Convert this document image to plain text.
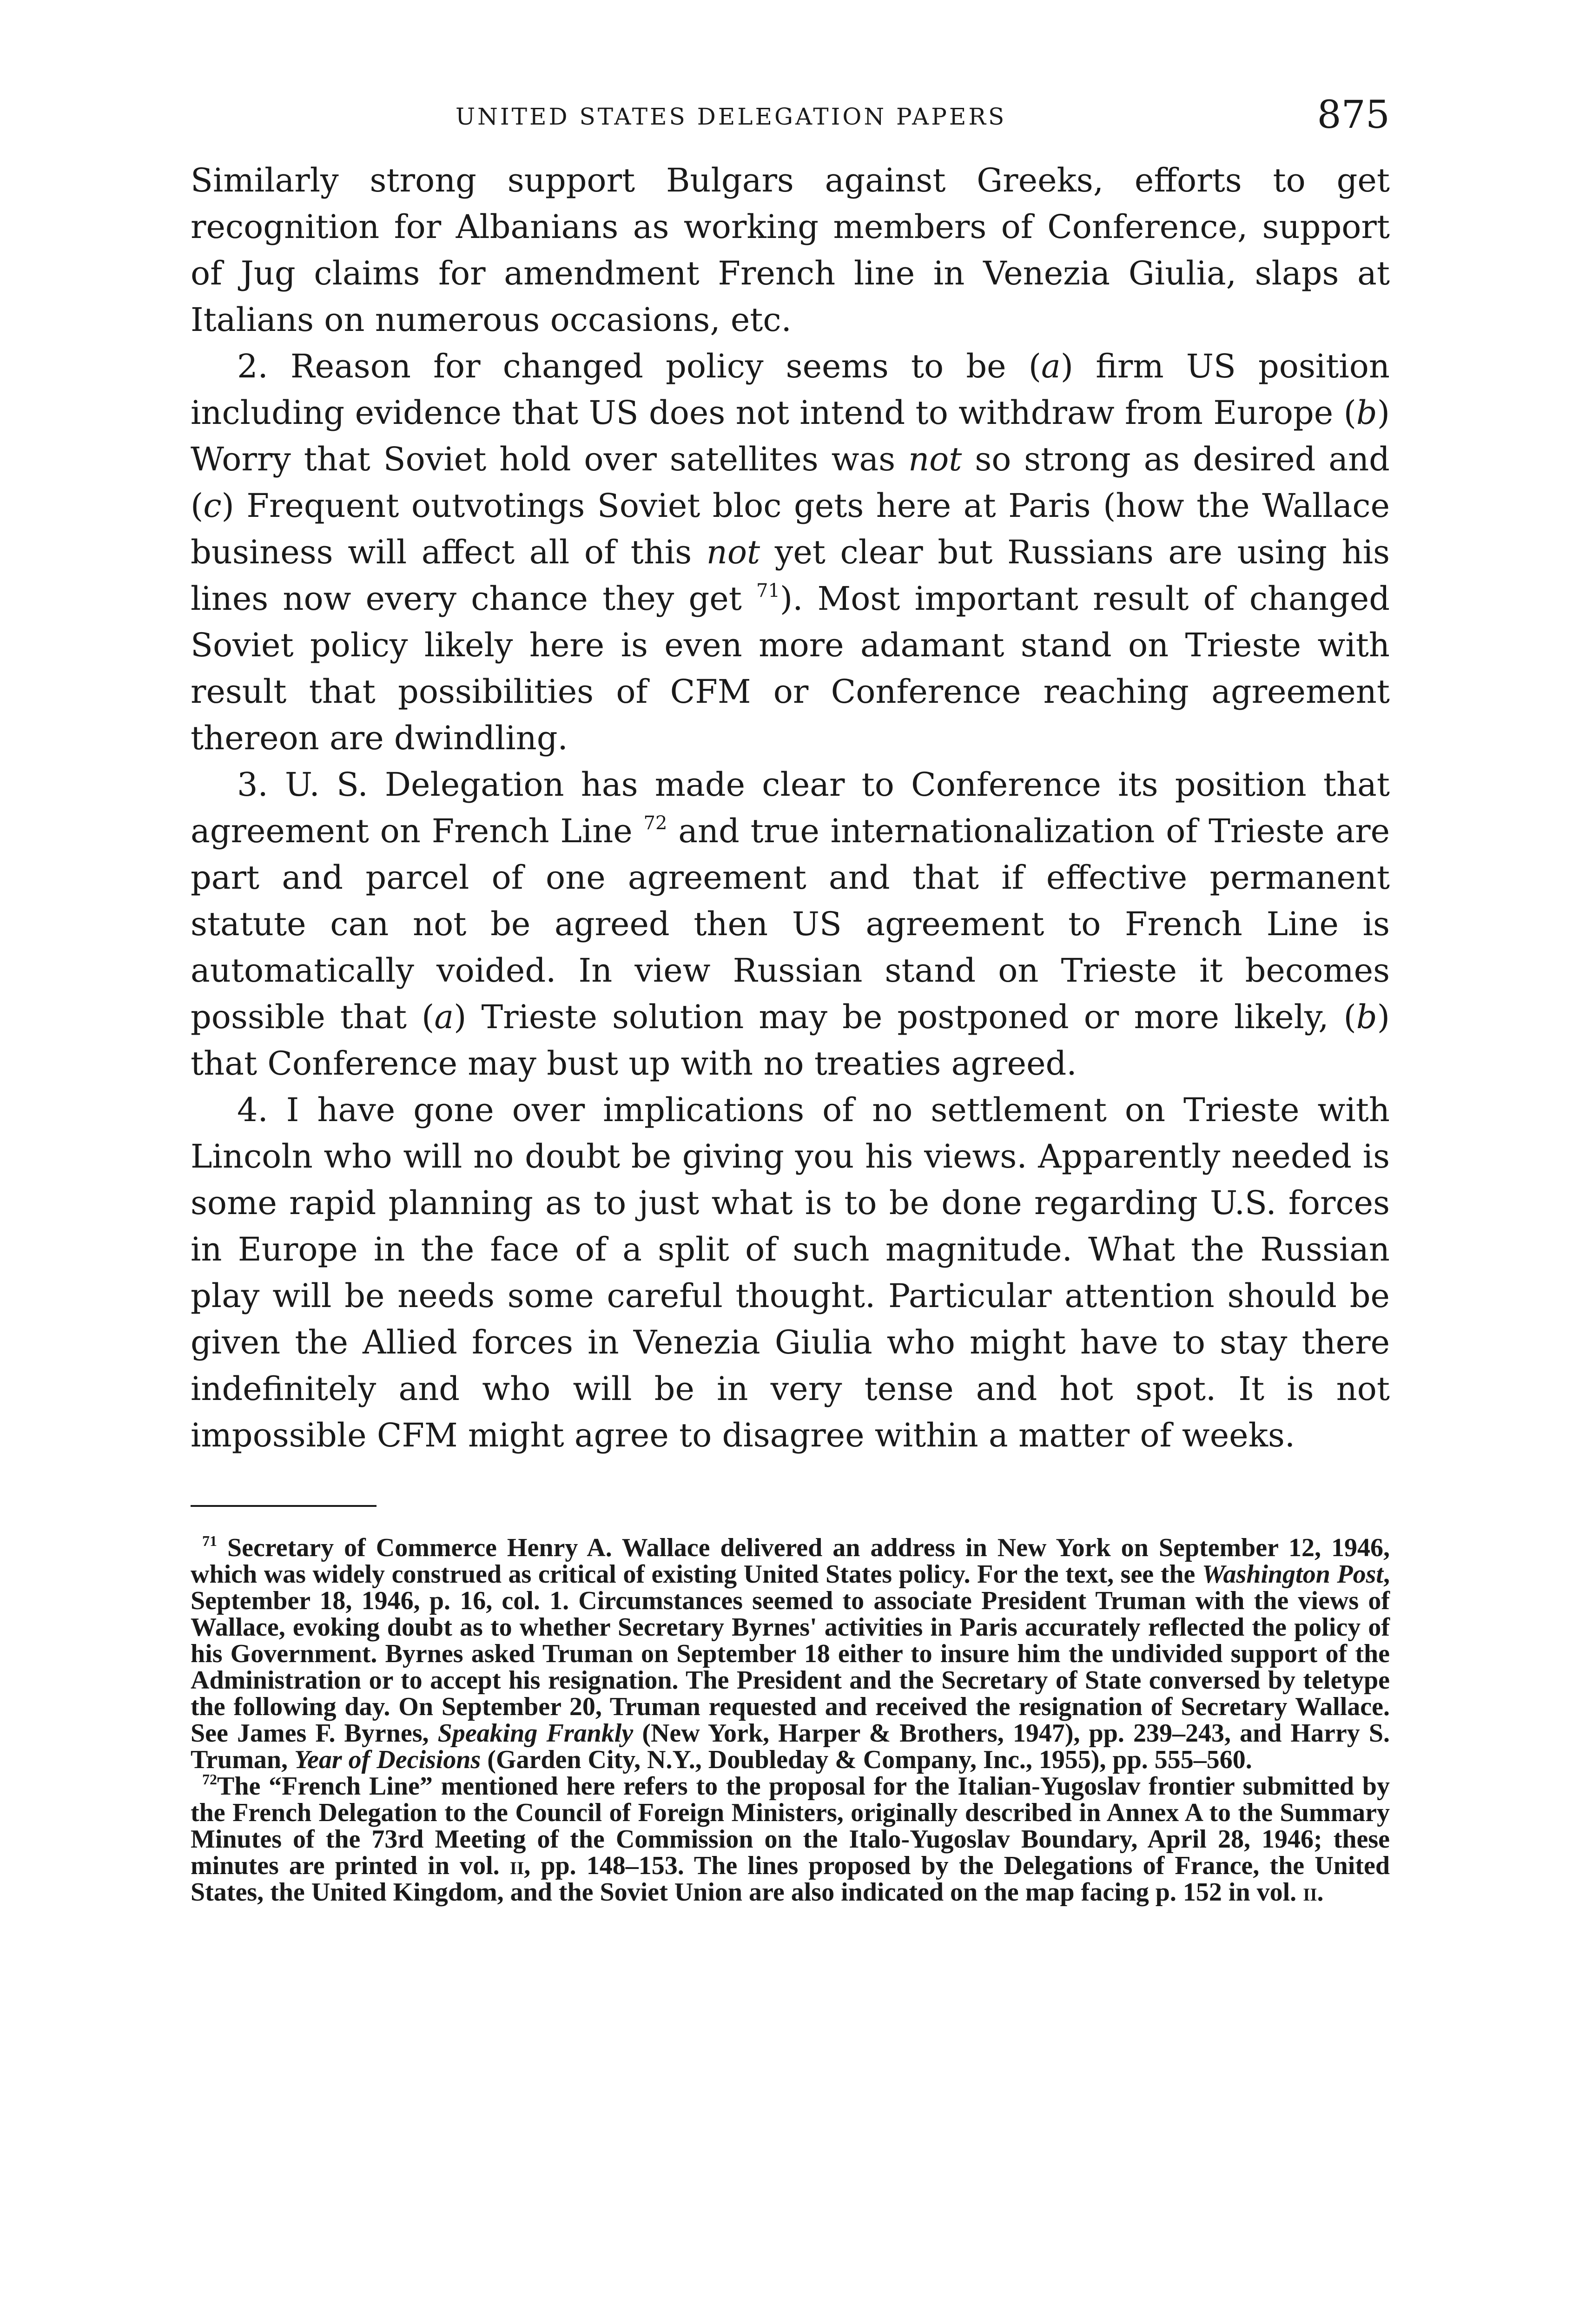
UNITED STATES DELEGATION PAPERS	875

Similarly strong support Bulgars against Greeks, efforts to get recognition for Albanians as working members of Conference, support of Jug claims for amendment French line in Venezia Giulia, slaps at Italians on numerous occasions, etc.

2. Reason for changed policy seems to be (a) firm US position including evidence that US does not intend to withdraw from Europe (b) Worry that Soviet hold over satellites was not so strong as desired and (c) Frequent outvotings Soviet bloc gets here at Paris (how the Wallace business will affect all of this not yet clear but Russians are using his lines now every chance they get $^{71}$). Most important result of changed Soviet policy likely here is even more adamant stand on Trieste with result that possibilities of CFM or Conference reaching agreement thereon are dwindling.

3. U. S. Delegation has made clear to Conference its position that agreement on French Line $^{72}$ and true internationalization of Trieste are part and parcel of one agreement and that if effective permanent statute can not be agreed then US agreement to French Line is automatically voided. In view Russian stand on Trieste it becomes possible that (a) Trieste solution may be postponed or more likely, (b) that Conference may bust up with no treaties agreed.

4. I have gone over implications of no settlement on Trieste with Lincoln who will no doubt be giving you his views. Apparently needed is some rapid planning as to just what is to be done regarding U.S. forces in Europe in the face of a split of such magnitude. What the Russian play will be needs some careful thought. Particular attention should be given the Allied forces in Venezia Giulia who might have to stay there indefinitely and who will be in very tense and hot spot. It is not impossible CFM might agree to disagree within a matter of weeks.

$^{71}$ Secretary of Commerce Henry A. Wallace delivered an address in New York on September 12, 1946, which was widely construed as critical of existing United States policy. For the text, see the Washington Post, September 18, 1946, p. 16, col. 1. Circumstances seemed to associate President Truman with the views of Wallace, evoking doubt as to whether Secretary Byrnes' activities in Paris accurately reflected the policy of his Government. Byrnes asked Truman on September 18 either to insure him the undivided support of the Administration or to accept his resignation. The President and the Secretary of State conversed by teletype the following day. On September 20, Truman requested and received the resignation of Secretary Wallace. See James F. Byrnes, Speaking Frankly (New York, Harper & Brothers, 1947), pp. 239–243, and Harry S. Truman, Year of Decisions (Garden City, N.Y., Doubleday & Company, Inc., 1955), pp. 555–560.

$^{72}$The “French Line” mentioned here refers to the proposal for the Italian-Yugoslav frontier submitted by the French Delegation to the Council of Foreign Ministers, originally described in Annex A to the Summary Minutes of the 73rd Meeting of the Commission on the Italo-Yugoslav Boundary, April 28, 1946; these minutes are printed in vol. ii, pp. 148–153. The lines proposed by the Delegations of France, the United States, the United Kingdom, and the Soviet Union are also indicated on the map facing p. 152 in vol. ii.
